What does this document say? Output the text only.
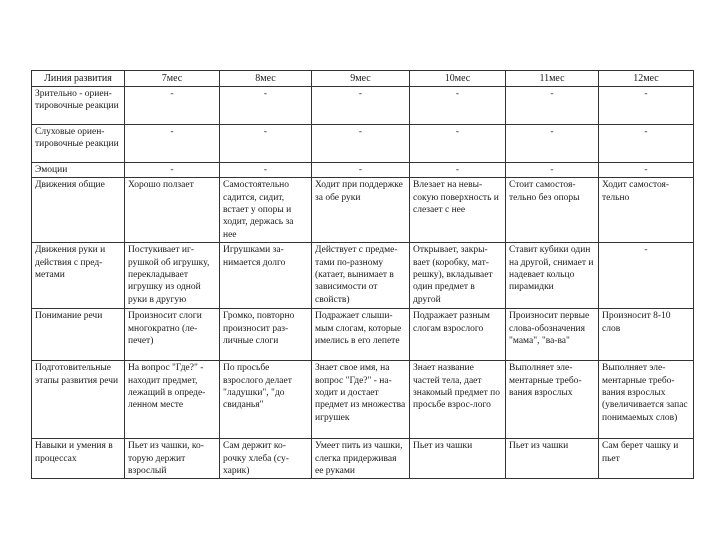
Линия развития	7мес	8мес	9мес	10мес	11мес	12мес
Зрительно - ориен-тировочные реакции	-	-	-	-	-	-
Слуховые ориен-тировочные реакции	-	-	-	-	-	-
Эмоции	-	-	-	-	-	-
Движения общие	Хорошо ползает	Самостоятельно садится, сидит, встает у опоры и ходит, держась за нее	Ходит при поддержке за обе руки	Влезает на невы-сокую поверхность и слезает с нее	Стоит самостоя-тельно без опоры	Ходит самостоя-тельно
Движения руки и действия с пред-метами	Постукивает иг-рушкой об игрушку, перекладывает игрушку из одной руки в другую	Игрушками за-нимается долго	Действует с предме-тами по-разному (катает, вынимает в зависимости от свойств)	Открывает, закры-вает (коробку, мат-решку), вкладывает один предмет в другой	Ставит кубики один на другой, снимает и надевает кольцо пирамидки	-
Понимание речи	Произносит слоги многократно (ле-печет)	Громко, повторно произносит раз-личные слоги	Подражает слыши-мым слогам, которые имелись в его лепете	Подражает разным слогам взрослого	Произносит первые слова-обозначения "мама", "ва-ва"	Произносит 8-10 слов
Подготовительные этапы развития речи	На вопрос "Где?" - находит предмет, лежащий в опреде-ленном месте	По просьбе взрослого делает "ладушки", "до свиданья"	Знает свое имя, на вопрос "Где?" - на-ходит и достает предмет из множества игрушек	Знает название частей тела, дает знакомый предмет по просьбе взрос-лого	Выполняет эле-ментарные требо-вания взрослых	Выполняет эле-ментарные требо-вания взрослых (увеличивается запас понимаемых слов)
Навыки и умения в процессах	Пьет из чашки, ко-торую держит взрослый	Сам держит ко-рочку хлеба (су-харик)	Умеет пить из чашки, слегка придерживая ее руками	Пьет из чашки	Пьет из чашки	Сам берет чашку и пьет
